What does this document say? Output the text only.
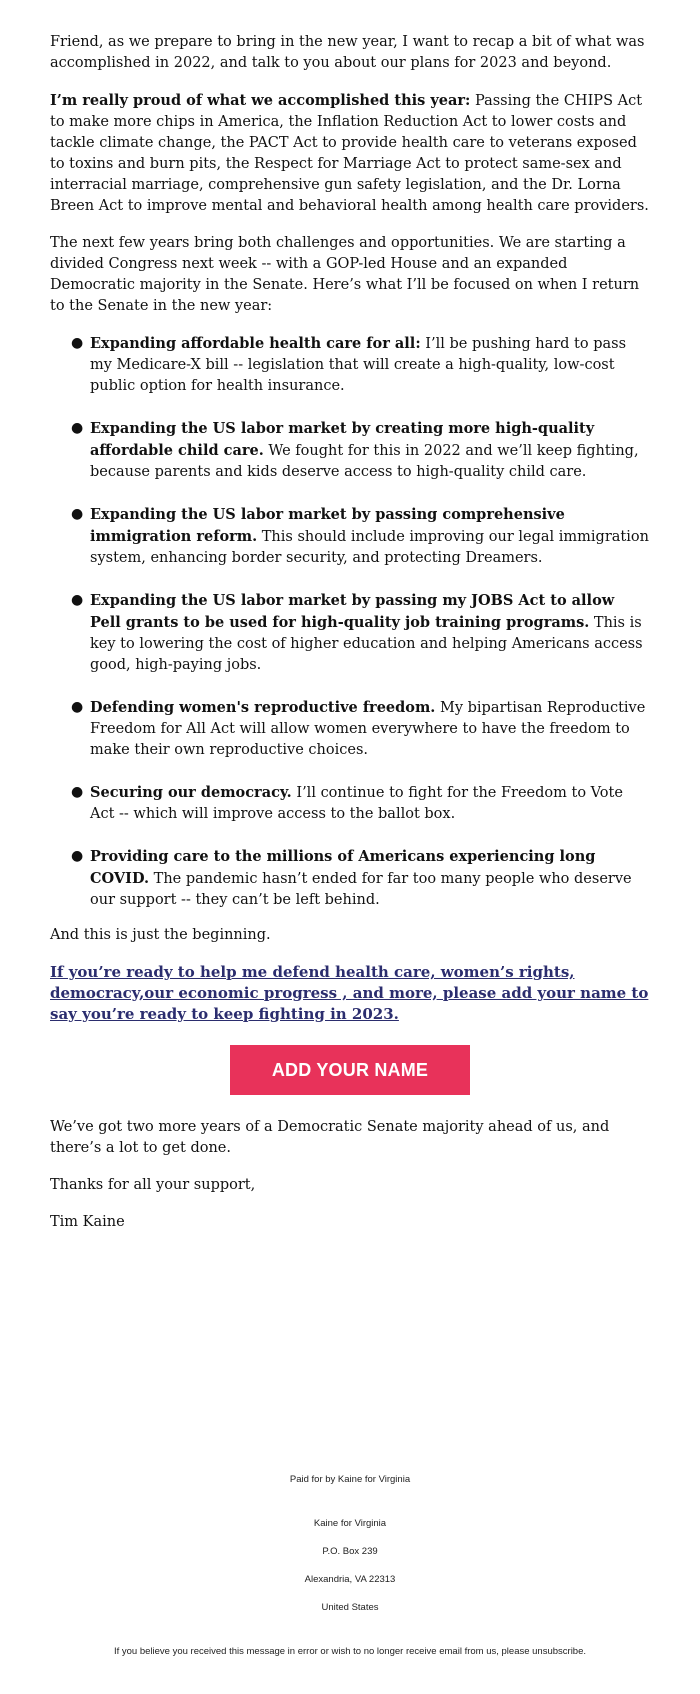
Friend, as we prepare to bring in the new year, I want to recap a bit of what was accomplished in 2022, and talk to you about our plans for 2023 and beyond.

I’m really proud of what we accomplished this year: Passing the CHIPS Act to make more chips in America, the Inflation Reduction Act to lower costs and tackle climate change, the PACT Act to provide health care to veterans exposed to toxins and burn pits, the Respect for Marriage Act to protect same-sex and interracial marriage, comprehensive gun safety legislation, and the Dr. Lorna Breen Act to improve mental and behavioral health among health care providers.

The next few years bring both challenges and opportunities. We are starting a divided Congress next week -- with a GOP-led House and an expanded Democratic majority in the Senate. Here’s what I’ll be focused on when I return to the Senate in the new year:

● Expanding affordable health care for all: I’ll be pushing hard to pass my Medicare-X bill -- legislation that will create a high-quality, low-cost public option for health insurance.
● Expanding the US labor market by creating more high-quality affordable child care. We fought for this in 2022 and we’ll keep fighting, because parents and kids deserve access to high-quality child care.
● Expanding the US labor market by passing comprehensive immigration reform. This should include improving our legal immigration system, enhancing border security, and protecting Dreamers.
● Expanding the US labor market by passing my JOBS Act to allow Pell grants to be used for high-quality job training programs. This is key to lowering the cost of higher education and helping Americans access good, high-paying jobs.
● Defending women's reproductive freedom. My bipartisan Reproductive Freedom for All Act will allow women everywhere to have the freedom to make their own reproductive choices.
● Securing our democracy. I’ll continue to fight for the Freedom to Vote Act -- which will improve access to the ballot box.
● Providing care to the millions of Americans experiencing long COVID. The pandemic hasn’t ended for far too many people who deserve our support -- they can’t be left behind.

And this is just the beginning.

If you’re ready to help me defend health care, women’s rights, democracy,our economic progress , and more, please add your name to say you’re ready to keep fighting in 2023.
ADD YOUR NAME

We’ve got two more years of a Democratic Senate majority ahead of us, and there’s a lot to get done.

Thanks for all your support,

Tim Kaine

Paid for by Kaine for Virginia
Kaine for Virginia
P.O. Box 239
Alexandria, VA 22313
United States
If you believe you received this message in error or wish to no longer receive email from us, please unsubscribe.
